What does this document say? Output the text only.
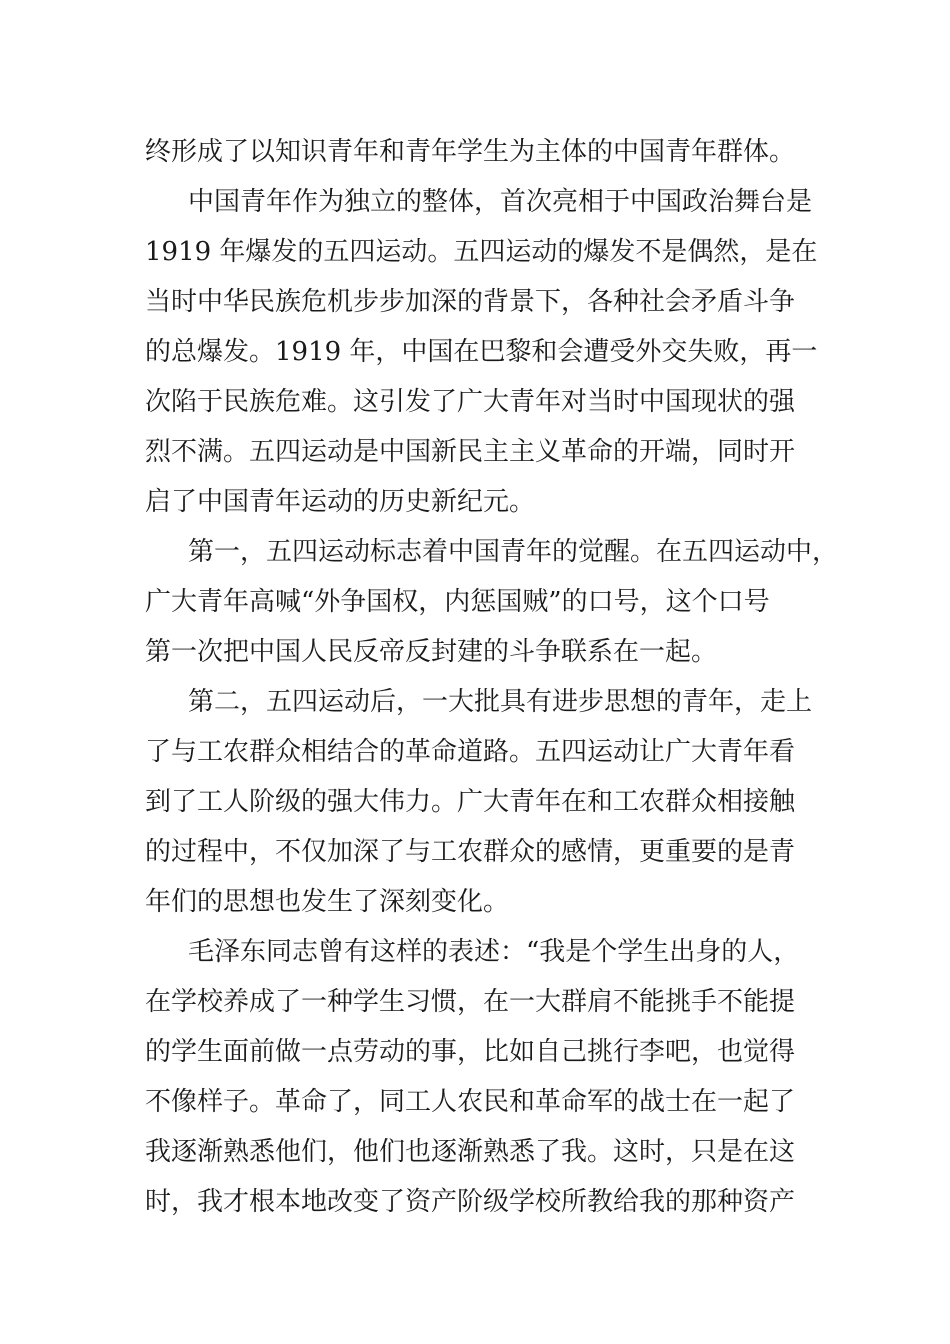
终形成了以知识青年和青年学生为主体的中国青年群体。
中国青年作为独立的整体，首次亮相于中国政治舞台是
1919 年爆发的五四运动。五四运动的爆发不是偶然，是在
当时中华民族危机步步加深的背景下，各种社会矛盾斗争
的总爆发。1919 年，中国在巴黎和会遭受外交失败，再一
次陷于民族危难。这引发了广大青年对当时中国现状的强
烈不满。五四运动是中国新民主主义革命的开端，同时开
启了中国青年运动的历史新纪元。
第一，五四运动标志着中国青年的觉醒。在五四运动中，
广大青年高喊“外争国权，内惩国贼”的口号，这个口号
第一次把中国人民反帝反封建的斗争联系在一起。
第二，五四运动后，一大批具有进步思想的青年，走上
了与工农群众相结合的革命道路。五四运动让广大青年看
到了工人阶级的强大伟力。广大青年在和工农群众相接触
的过程中，不仅加深了与工农群众的感情，更重要的是青
年们的思想也发生了深刻变化。
毛泽东同志曾有这样的表述：“我是个学生出身的人，
在学校养成了一种学生习惯，在一大群肩不能挑手不能提
的学生面前做一点劳动的事，比如自己挑行李吧，也觉得
不像样子。革命了，同工人农民和革命军的战士在一起了
我逐渐熟悉他们，他们也逐渐熟悉了我。这时，只是在这
时，我才根本地改变了资产阶级学校所教给我的那种资产
